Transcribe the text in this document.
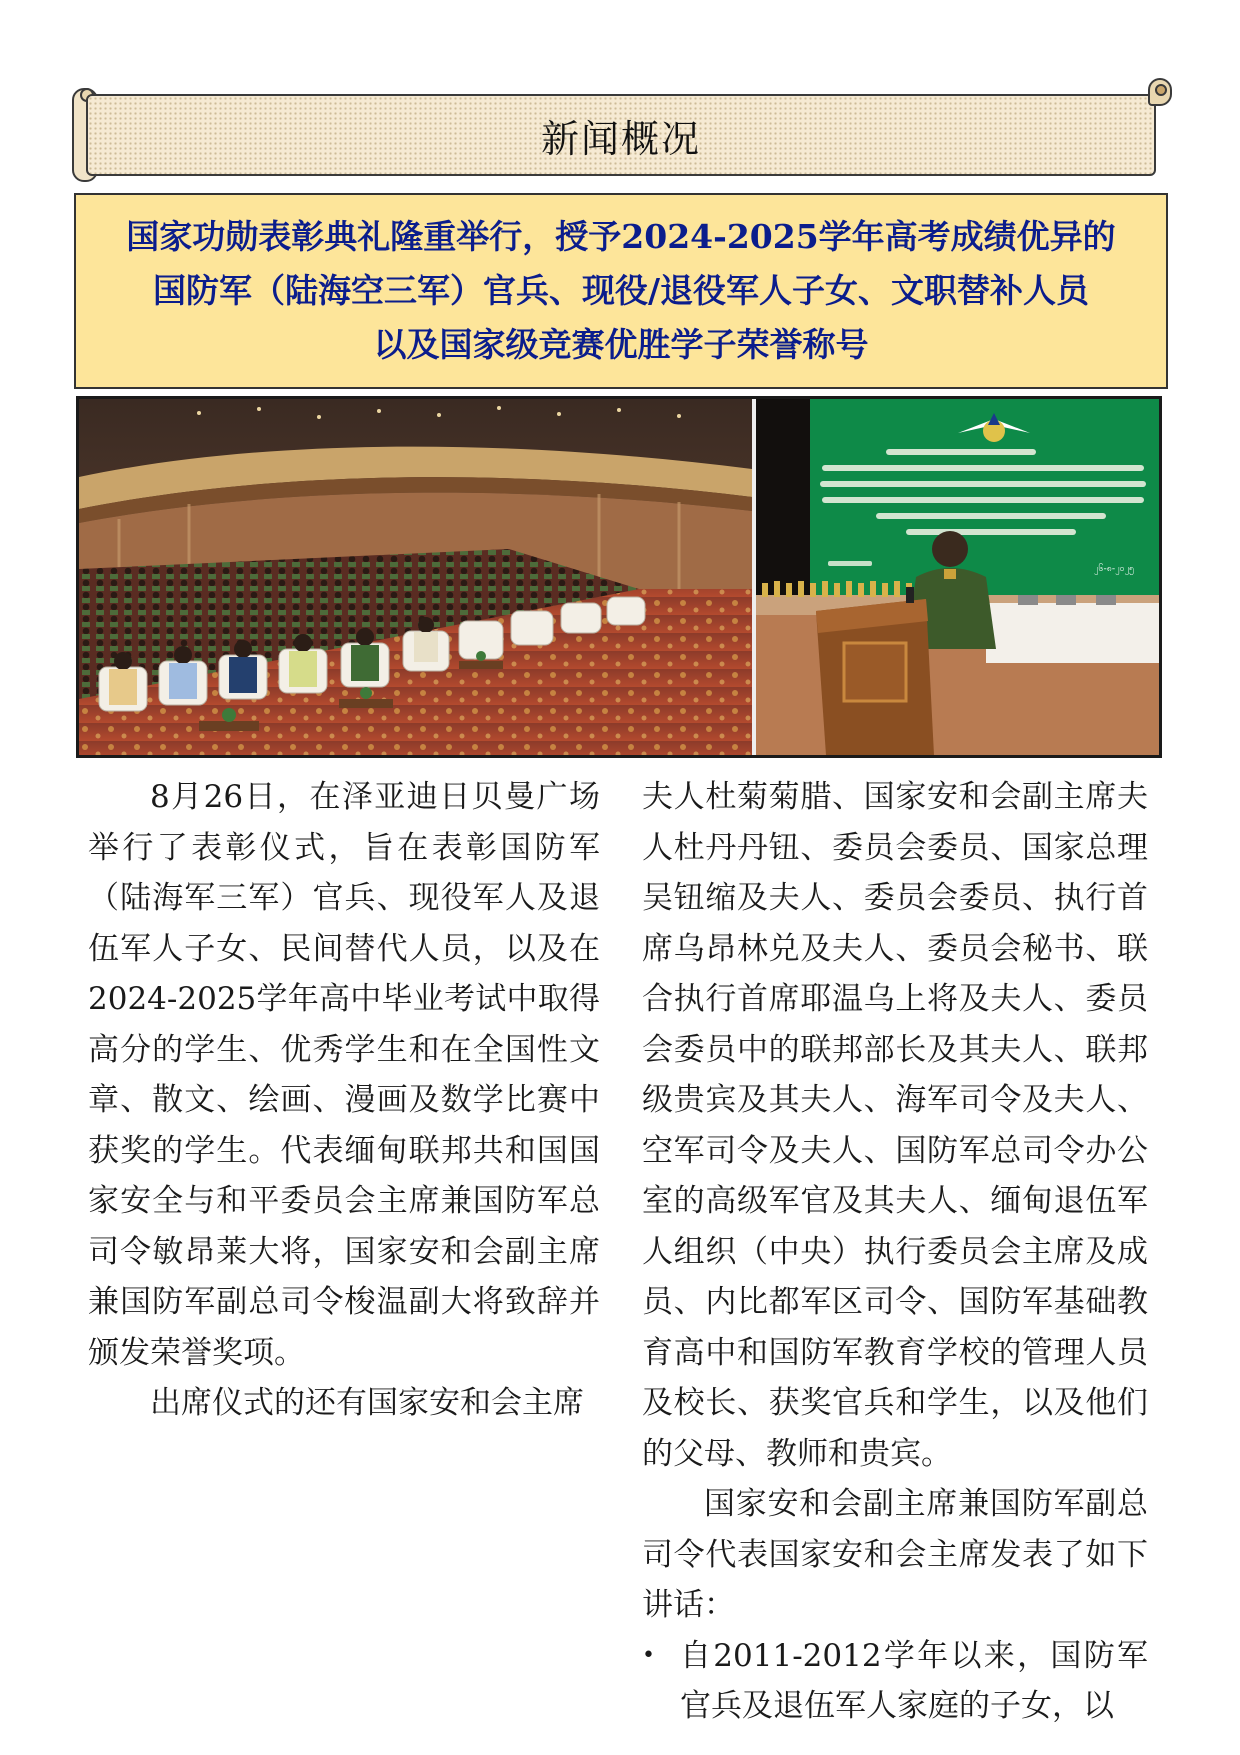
新闻概况
国家功勋表彰典礼隆重举行，授予2024-2025学年高考成绩优异的
国防军（陆海空三军）官兵、现役/退役军人子女、文职替补人员
以及国家级竞赛优胜学子荣誉称号
၂၆-၈-၂၀၂၅

8月26日，在泽亚迪日贝曼广场举行了表彰仪式，旨在表彰国防军（陆海军三军）官兵、现役军人及退伍军人子女、民间替代人员，以及在2024-2025学年高中毕业考试中取得高分的学生、优秀学生和在全国性文章、散文、绘画、漫画及数学比赛中获奖的学生。代表缅甸联邦共和国国家安全与和平委员会主席兼国防军总司令敏昂莱大将，国家安和会副主席兼国防军副总司令梭温副大将致辞并颁发荣誉奖项。

出席仪式的还有国家安和会主席

夫人杜菊菊腊、国家安和会副主席夫人杜丹丹钮、委员会委员、国家总理吴钮缩及夫人、委员会委员、执行首席乌昂林兑及夫人、委员会秘书、联合执行首席耶温乌上将及夫人、委员会委员中的联邦部长及其夫人、联邦级贵宾及其夫人、海军司令及夫人、空军司令及夫人、国防军总司令办公室的高级军官及其夫人、缅甸退伍军人组织（中央）执行委员会主席及成员、内比都军区司令、国防军基础教育高中和国防军教育学校的管理人员及校长、获奖官兵和学生，以及他们的父母、教师和贵宾。

国家安和会副主席兼国防军副总司令代表国家安和会主席发表了如下讲话：

• 自2011-2012学年以来，国防军官兵及退伍军人家庭的子女，以
